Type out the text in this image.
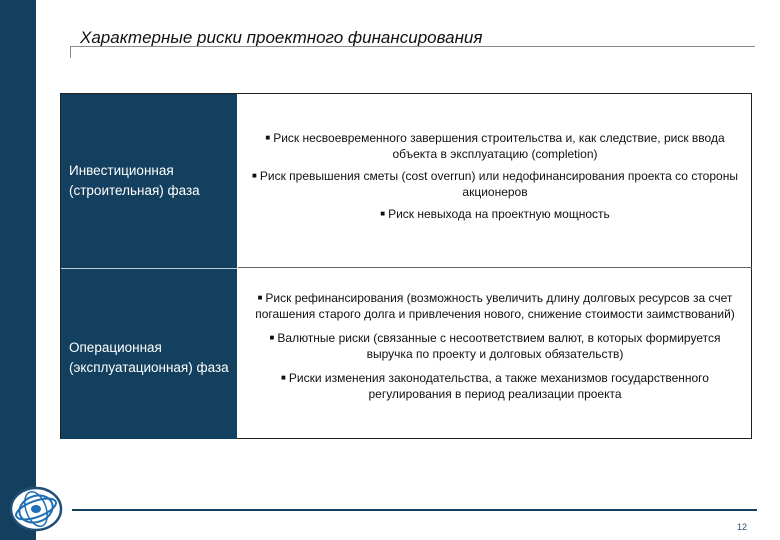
Характерные риски проектного финансирования
Инвестиционная (строительная) фаза
Операционная (эксплуатационная) фаза
■ Риск несвоевременного завершения строительства и, как следствие, риск ввода объекта в эксплуатацию (completion)
■ Риск превышения сметы (cost overrun) или недофинансирования проекта со стороны акционеров
■ Риск невыхода на проектную мощность
■ Риск рефинансирования (возможность увеличить длину долговых ресурсов за счет погашения старого долга и привлечения нового, снижение стоимости заимствований)
■ Валютные риски (связанные с несоответствием валют, в которых формируется выручка по проекту и долговых обязательств)
■ Риски изменения законодательства, а также механизмов государственного регулирования в период реализации проекта
12
